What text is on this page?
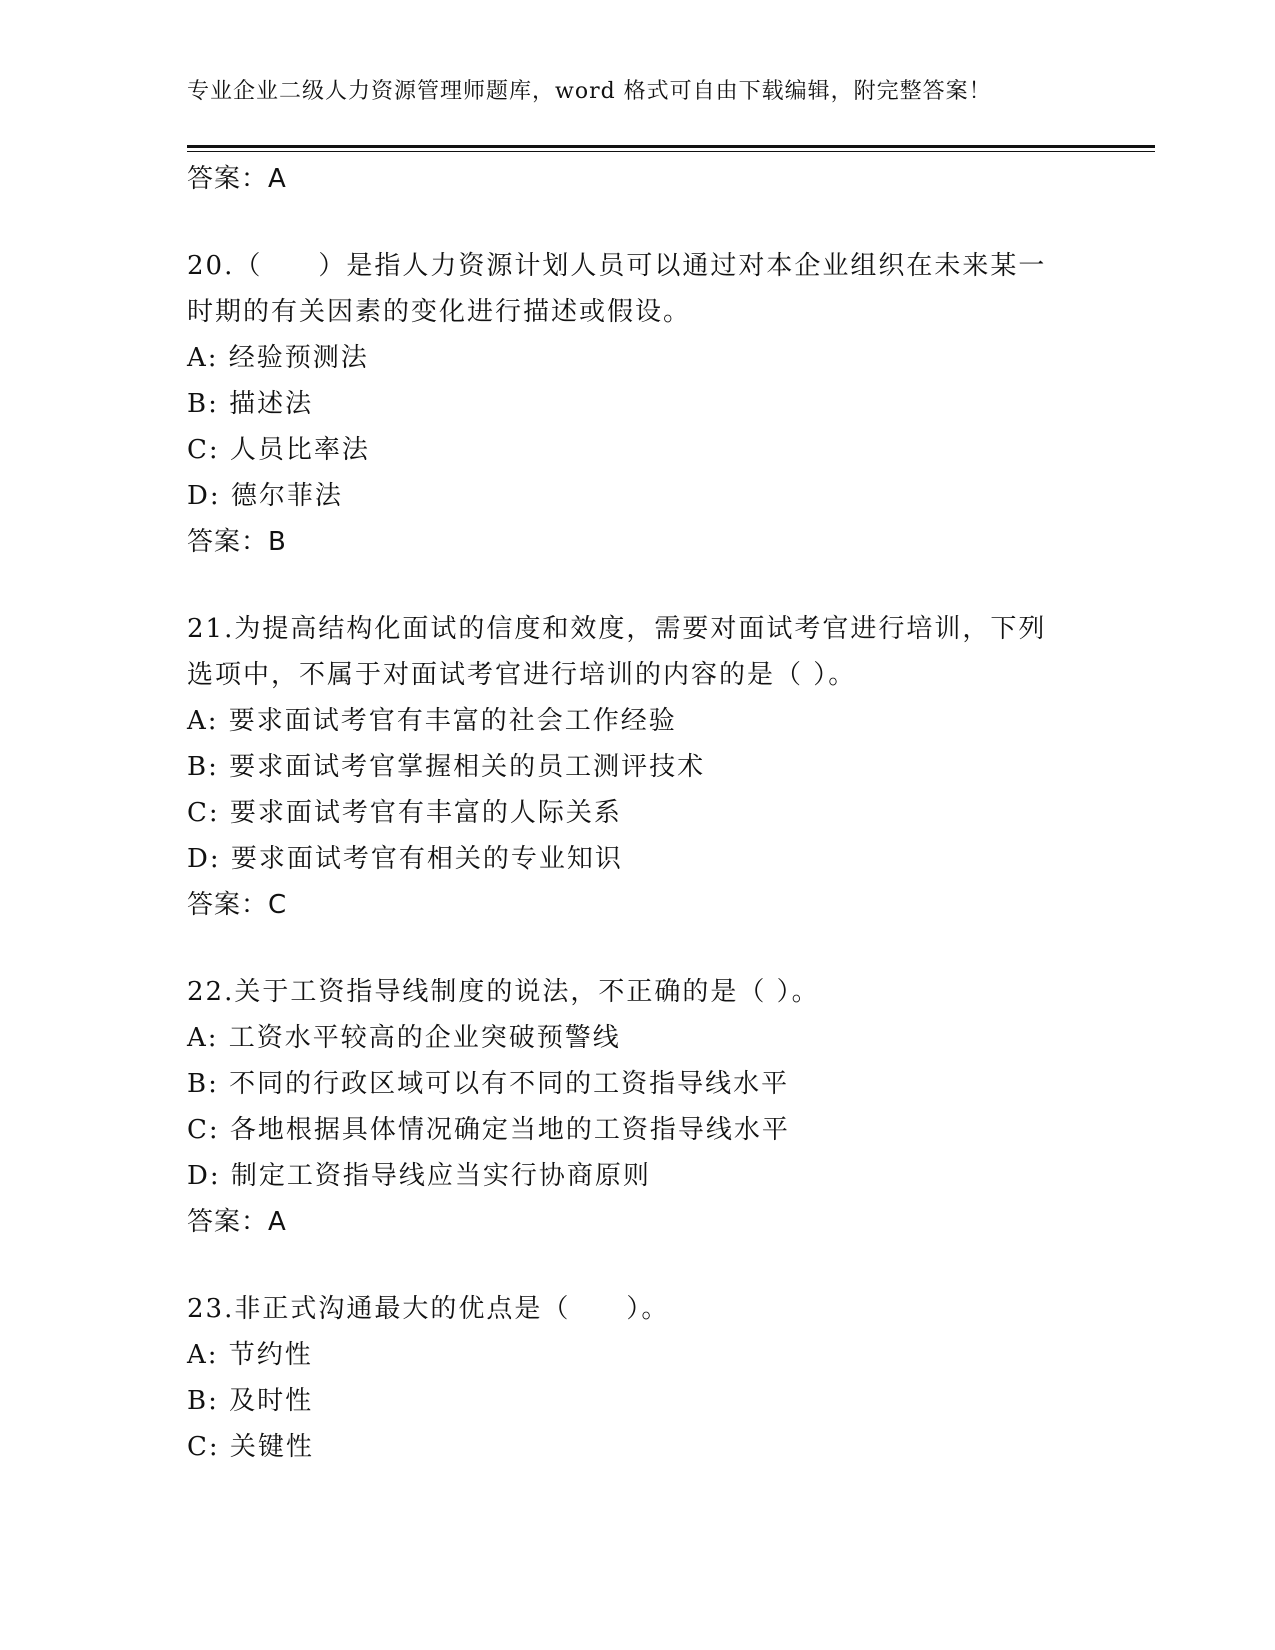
专业企业二级人力资源管理师题库，word 格式可自由下载编辑，附完整答案！
答案：A
20.（　　）是指人力资源计划人员可以通过对本企业组织在未来某一
时期的有关因素的变化进行描述或假设。
A: 经验预测法
B: 描述法
C: 人员比率法
D: 德尔菲法
答案：B
21.为提高结构化面试的信度和效度，需要对面试考官进行培训，下列
选项中，不属于对面试考官进行培训的内容的是（ ）。
A: 要求面试考官有丰富的社会工作经验
B: 要求面试考官掌握相关的员工测评技术
C: 要求面试考官有丰富的人际关系
D: 要求面试考官有相关的专业知识
答案：C
22.关于工资指导线制度的说法，不正确的是（ ）。
A: 工资水平较高的企业突破预警线
B: 不同的行政区域可以有不同的工资指导线水平
C: 各地根据具体情况确定当地的工资指导线水平
D: 制定工资指导线应当实行协商原则
答案：A
23.非正式沟通最大的优点是（　　）。
A: 节约性
B: 及时性
C: 关键性
